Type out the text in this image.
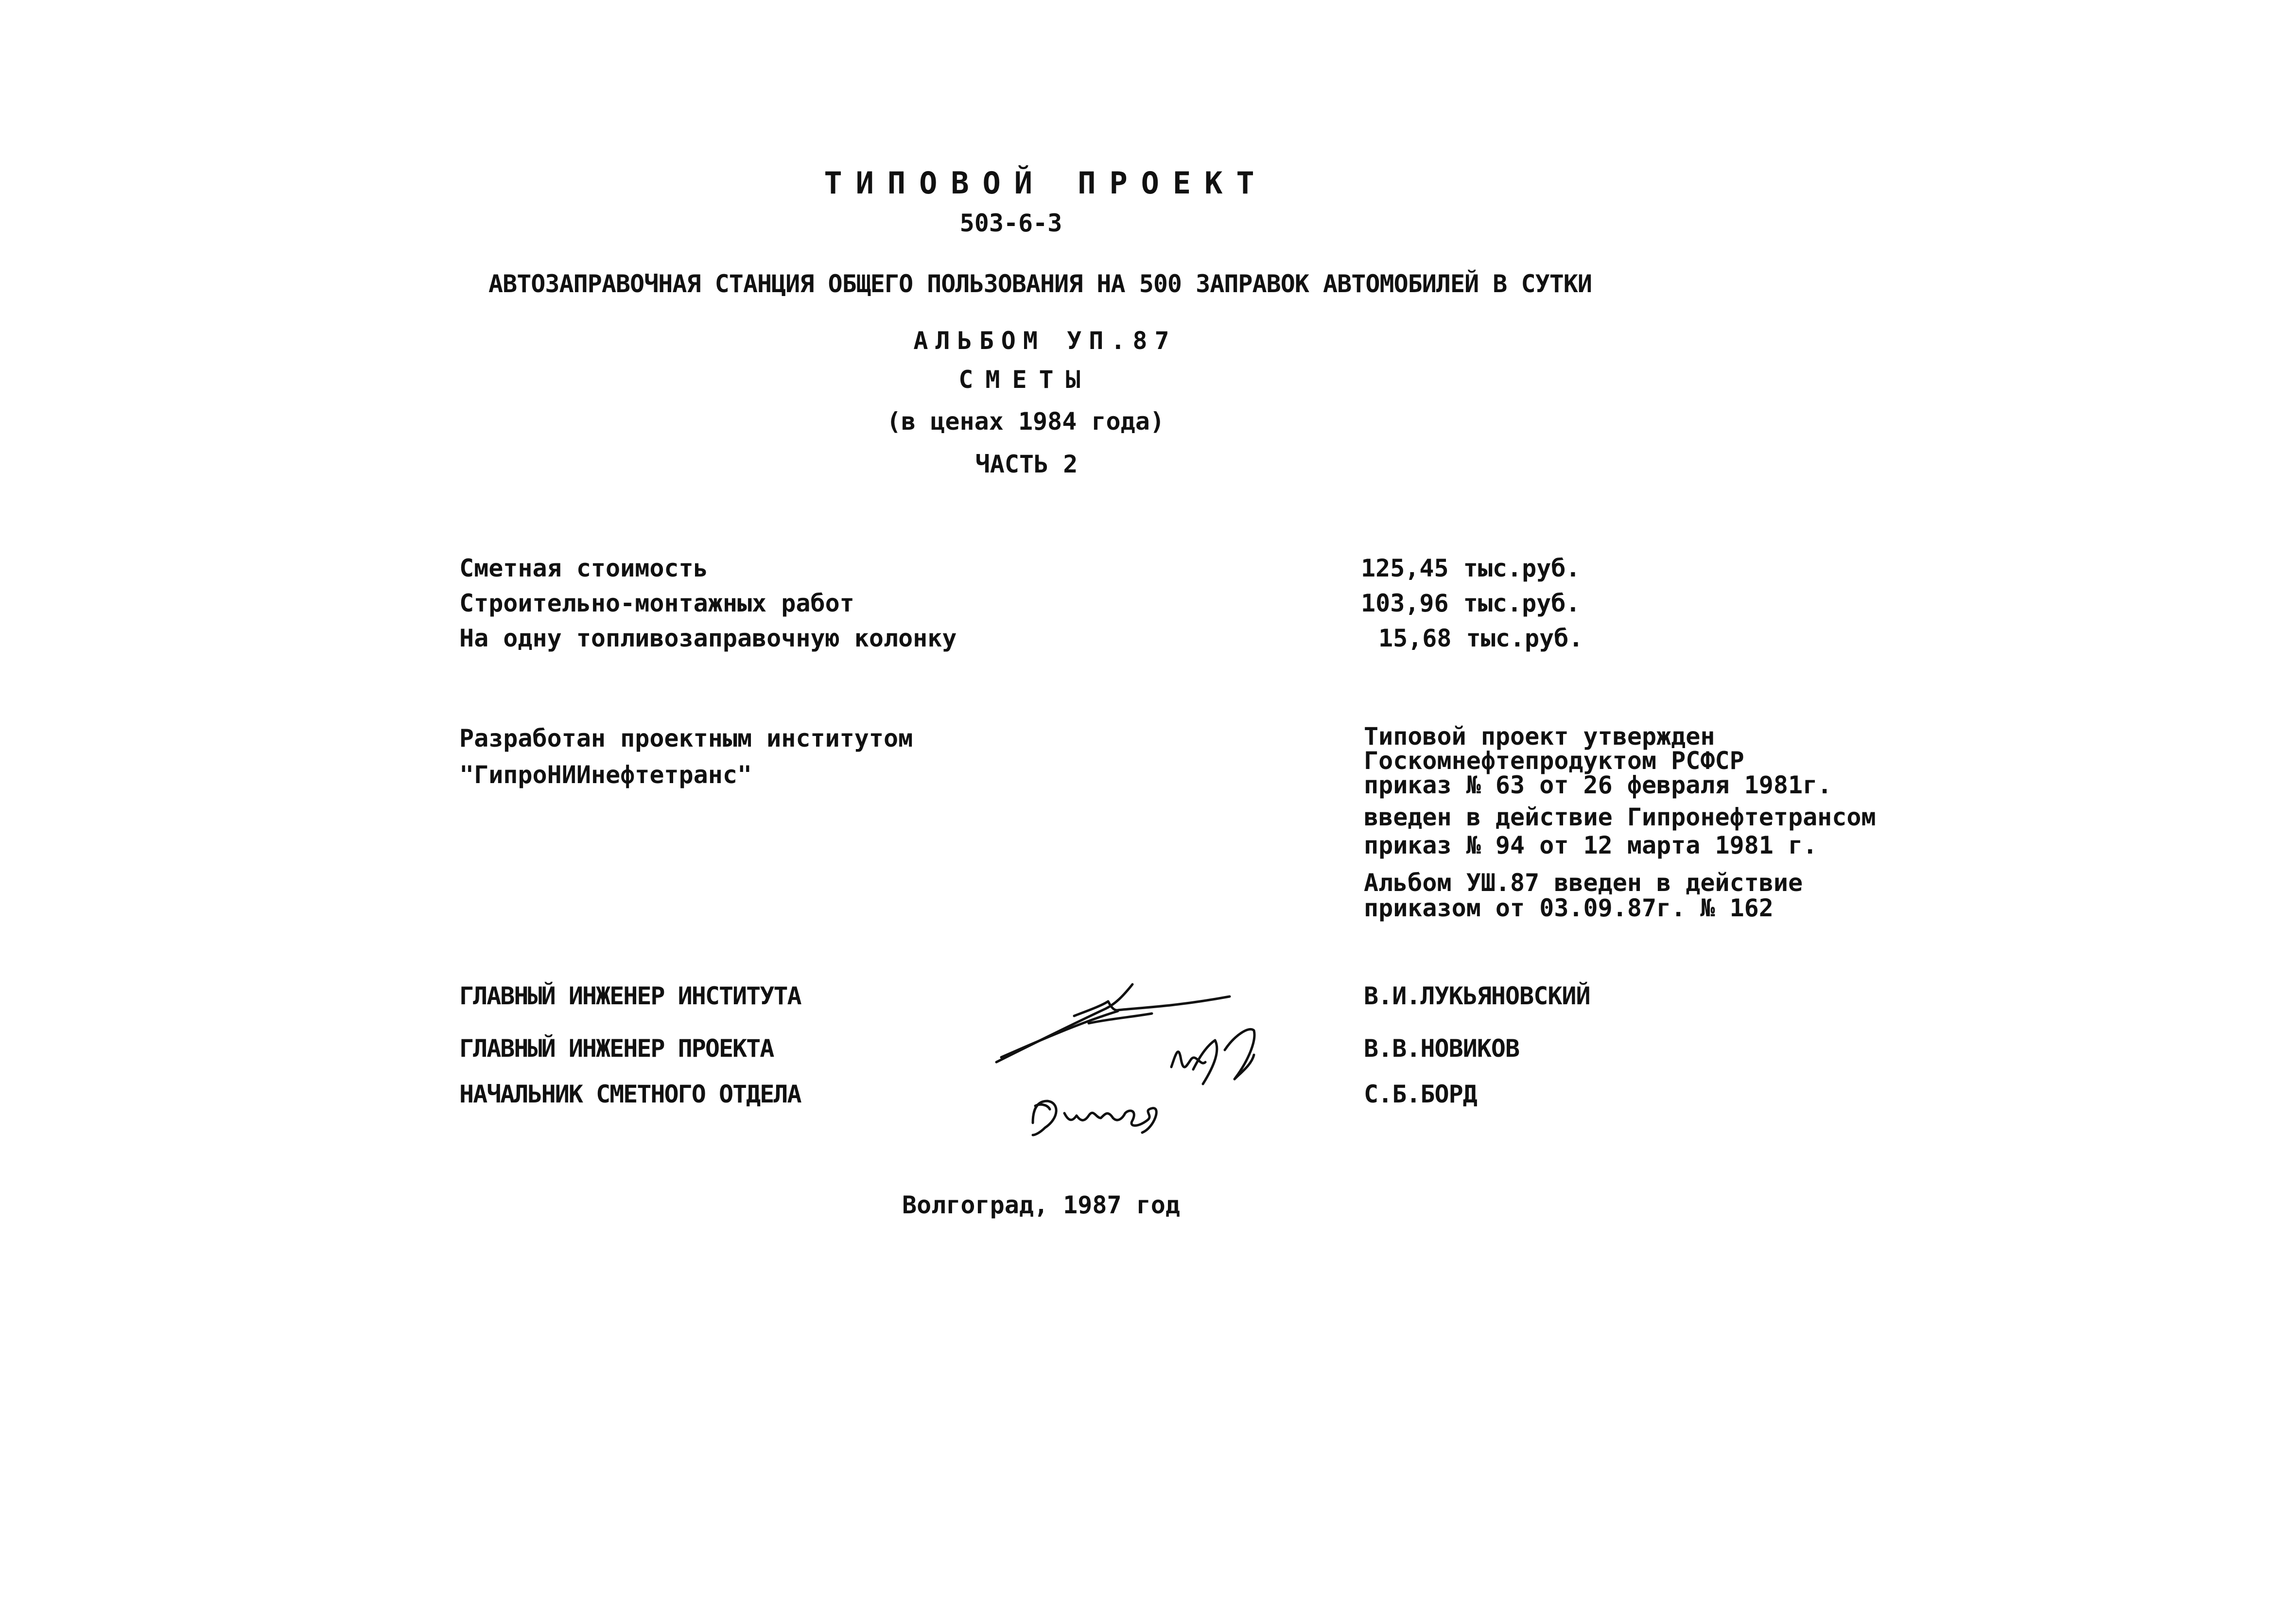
ТИПОВОЙ ПРОЕКТ
503-6-3
АВТОЗАПРАВОЧНАЯ СТАНЦИЯ ОБЩЕГО ПОЛЬЗОВАНИЯ НА 500 ЗАПРАВОК АВТОМОБИЛЕЙ В СУТКИ
АЛЬБОМ УП.87
СМЕТЫ
(в ценах 1984 года)
ЧАСТЬ 2
Сметная стоимость	125,45 тыс.руб.
Строительно-монтажных работ	103,96 тыс.руб.
На одну топливозаправочную колонку	15,68 тыс.руб.
Разработан проектным институтом
"ГипроНИИнефтетранс"
Типовой проект утвержден
Госкомнефтепродуктом РСФСР
приказ № 63 от 26 февраля 1981г.
введен в действие Гипронефтетрансом
приказ № 94 от 12 марта 1981 г.
Альбом УШ.87 введен в действие
приказом от 03.09.87г. № 162
ГЛАВНЫЙ ИНЖЕНЕР ИНСТИТУТА	В.И.ЛУКЬЯНОВСКИЙ
ГЛАВНЫЙ ИНЖЕНЕР ПРОЕКТА	В.В.НОВИКОВ
НАЧАЛЬНИК СМЕТНОГО ОТДЕЛА	С.Б.БОРД
Волгоград, 1987 год
